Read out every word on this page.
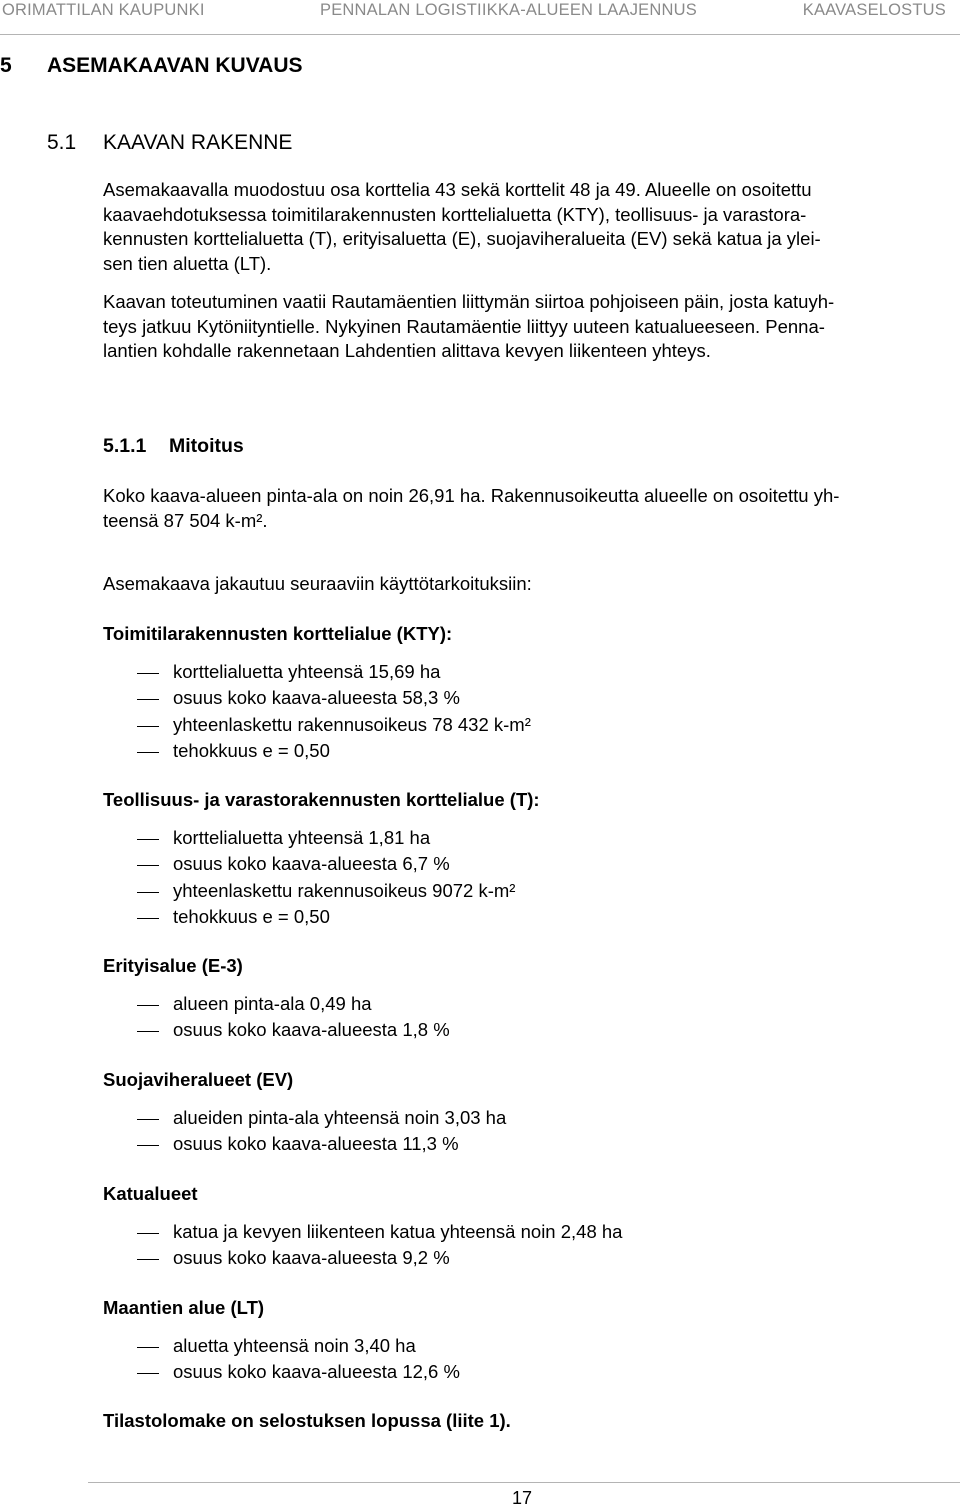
ORIMATTILAN KAUPUNKI	PENNALAN LOGISTIIKKA-ALUEEN LAAJENNUS	KAAVASELOSTUS
5 ASEMAKAAVAN KUVAUS
5.1 KAAVAN RAKENNE
Asemakaavalla muodostuu osa korttelia 43 sekä korttelit 48 ja 49. Alueelle on osoitettu
kaavaehdotuksessa toimitilarakennusten korttelialuetta (KTY), teollisuus- ja varastora-
kennusten korttelialuetta (T), erityisaluetta (E), suojaviheralueita (EV) sekä katua ja ylei-
sen tien aluetta (LT).
Kaavan toteutuminen vaatii Rautamäentien liittymän siirtoa pohjoiseen päin, josta katuyh-
teys jatkuu Kytöniityntielle. Nykyinen Rautamäentie liittyy uuteen katualueeseen. Penna-
lantien kohdalle rakennetaan Lahdentien alittava kevyen liikenteen yhteys.
5.1.1 Mitoitus
Koko kaava-alueen pinta-ala on noin 26,91 ha. Rakennusoikeutta alueelle on osoitettu yh-
teensä 87 504 k-m².
Asemakaava jakautuu seuraaviin käyttötarkoituksiin:
Toimitilarakennusten korttelialue (KTY):
korttelialuetta yhteensä 15,69 ha
osuus koko kaava-alueesta 58,3 %
yhteenlaskettu rakennusoikeus 78 432 k-m²
tehokkuus e = 0,50
Teollisuus- ja varastorakennusten korttelialue (T):
korttelialuetta yhteensä 1,81 ha
osuus koko kaava-alueesta 6,7 %
yhteenlaskettu rakennusoikeus 9072 k-m²
tehokkuus e = 0,50
Erityisalue (E-3)
alueen pinta-ala 0,49 ha
osuus koko kaava-alueesta 1,8 %
Suojaviheralueet (EV)
alueiden pinta-ala yhteensä noin 3,03 ha
osuus koko kaava-alueesta 11,3 %
Katualueet
katua ja kevyen liikenteen katua yhteensä noin 2,48 ha
osuus koko kaava-alueesta 9,2 %
Maantien alue (LT)
aluetta yhteensä noin 3,40 ha
osuus koko kaava-alueesta 12,6 %
Tilastolomake on selostuksen lopussa (liite 1).
17
